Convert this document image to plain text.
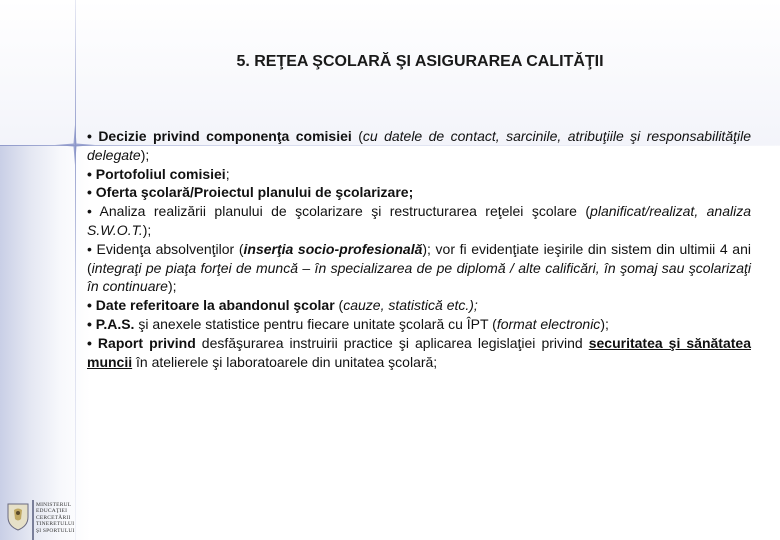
5. REŢEA ŞCOLARĂ ŞI ASIGURAREA CALITĂŢII

• Decizie privind componenţa comisiei (cu datele de contact, sarcinile, atribuţiile şi responsabilităţile delegate);

• Portofoliul comisiei;

• Oferta şcolară/Proiectul planului de şcolarizare;

• Analiza realizării planului de şcolarizare şi restructurarea reţelei şcolare (planificat/realizat, analiza S.W.O.T.);

• Evidenţa absolvenţilor (inserţia socio-profesională); vor fi evidenţiate ieşirile din sistem din ultimii 4 ani (integraţi pe piaţa forţei de muncă – în specializarea de pe diplomă / alte calificări, în şomaj sau şcolarizaţi în continuare);

• Date referitoare la abandonul şcolar (cauze, statistică etc.);

• P.A.S. şi anexele statistice pentru fiecare unitate şcolară cu ÎPT (format electronic);

• Raport privind desfăşurarea instruirii practice şi aplicarea legislaţiei privind securitatea şi sănătatea muncii în atelierele şi laboratoarele din unitatea şcolară;

MINISTERUL
EDUCAŢIEI
CERCETĂRII
TINERETULUI
ŞI SPORTULUI
